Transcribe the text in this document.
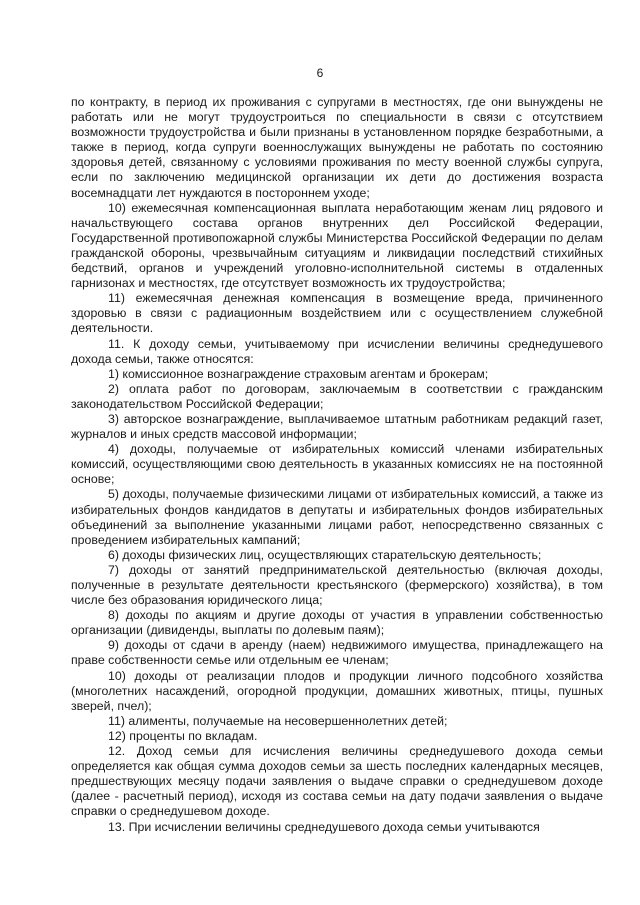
6

по контракту, в период их проживания с супругами в местностях, где они вынуждены не работать или не могут трудоустроиться по специальности в связи с отсутствием возможности трудоустройства и были признаны в установленном порядке безработными, а также в период, когда супруги военнослужащих вынуждены не работать по состоянию здоровья детей, связанному с условиями проживания по месту военной службы супруга, если по заключению медицинской организации их дети до достижения возраста восемнадцати лет нуждаются в постороннем уходе;

10) ежемесячная компенсационная выплата неработающим женам лиц рядового и начальствующего состава органов внутренних дел Российской Федерации, Государственной противопожарной службы Министерства Российской Федерации по делам гражданской обороны, чрезвычайным ситуациям и ликвидации последствий стихийных бедствий, органов и учреждений уголовно-исполнительной системы в отдаленных гарнизонах и местностях, где отсутствует возможность их трудоустройства;

11) ежемесячная денежная компенсация в возмещение вреда, причиненного здоровью в связи с радиационным воздействием или с осуществлением служебной деятельности.

11. К доходу семьи, учитываемому при исчислении величины среднедушевого дохода семьи, также относятся:

1) комиссионное вознаграждение страховым агентам и брокерам;

2) оплата работ по договорам, заключаемым в соответствии с гражданским законодательством Российской Федерации;

3) авторское вознаграждение, выплачиваемое штатным работникам редакций газет, журналов и иных средств массовой информации;

4) доходы, получаемые от избирательных комиссий членами избирательных комиссий, осуществляющими свою деятельность в указанных комиссиях не на постоянной основе;

5) доходы, получаемые физическими лицами от избирательных комиссий, а также из избирательных фондов кандидатов в депутаты и избирательных фондов избирательных объединений за выполнение указанными лицами работ, непосредственно связанных с проведением избирательных кампаний;

6) доходы физических лиц, осуществляющих старательскую деятельность;

7) доходы от занятий предпринимательской деятельностью (включая доходы, полученные в результате деятельности крестьянского (фермерского) хозяйства), в том числе без образования юридического лица;

8) доходы по акциям и другие доходы от участия в управлении собственностью организации (дивиденды, выплаты по долевым паям);

9) доходы от сдачи в аренду (наем) недвижимого имущества, принадлежащего на праве собственности семье или отдельным ее членам;

10) доходы от реализации плодов и продукции личного подсобного хозяйства (многолетних насаждений, огородной продукции, домашних животных, птицы, пушных зверей, пчел);

11) алименты, получаемые на несовершеннолетних детей;

12) проценты по вкладам.

12. Доход семьи для исчисления величины среднедушевого дохода семьи определяется как общая сумма доходов семьи за шесть последних календарных месяцев, предшествующих месяцу подачи заявления о выдаче справки о среднедушевом доходе (далее - расчетный период), исходя из состава семьи на дату подачи заявления о выдаче справки о среднедушевом доходе.

13. При исчислении величины среднедушевого дохода семьи учитываются
